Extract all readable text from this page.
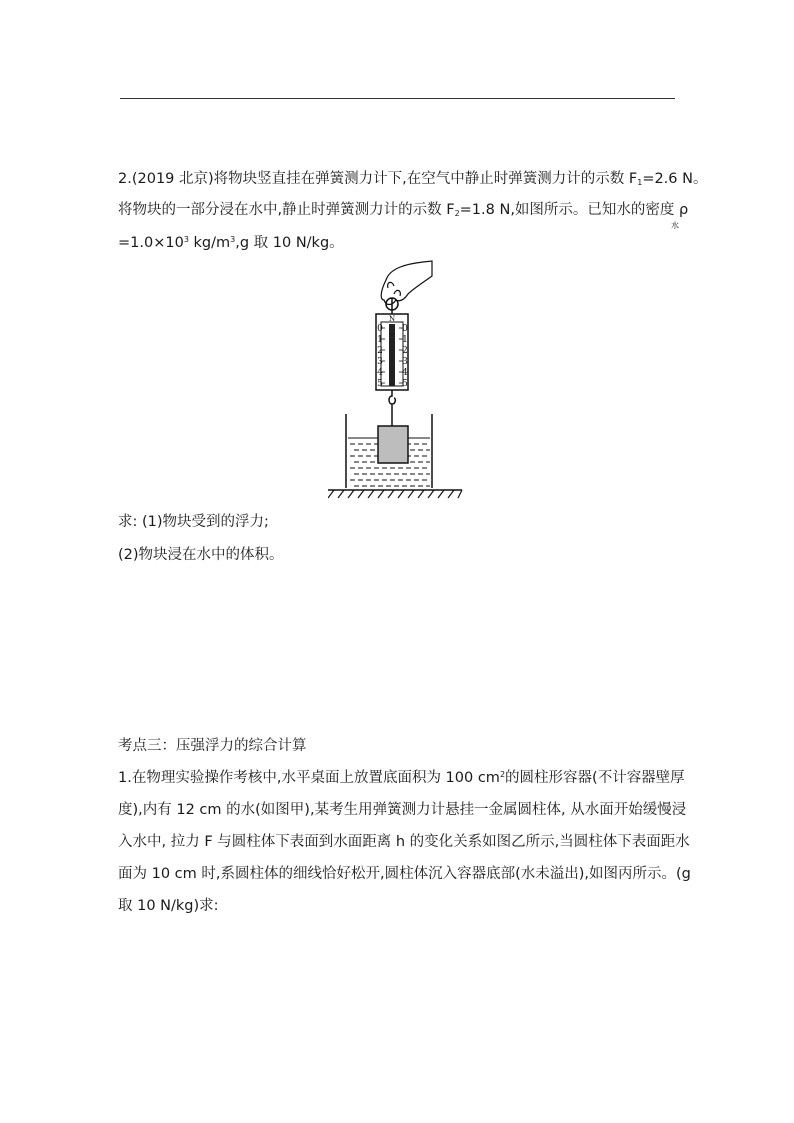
2.(2019 北京)将物块竖直挂在弹簧测力计下,在空气中静止时弹簧测力计的示数 $F_1=2.6$ N。
将物块的一部分浸在水中,静止时弹簧测力计的示数 $F_2=1.8$ N,如图所示。已知水的密度 ρ
水
$=1.0\times 10^3$ $kg/m^3,g$ 取 10 N/kg。
N
0
1
2
3
4
5
0
1
2
3
4
5
求: (1)物块受到的浮力;
(2)物块浸在水中的体积。
考点三：压强浮力的综合计算
1.在物理实验操作考核中,水平桌面上放置底面积为 100 $cm^2$的圆柱形容器(不计容器壁厚
度),内有 12 cm 的水(如图甲),某考生用弹簧测力计悬挂一金属圆柱体, 从水面开始缓慢浸
入水中, 拉力 F 与圆柱体下表面到水面距离 h 的变化关系如图乙所示,当圆柱体下表面距水
面为 10 cm 时,系圆柱体的细线恰好松开,圆柱体沉入容器底部(水未溢出),如图丙所示。(g
取 10 N/kg)求:
